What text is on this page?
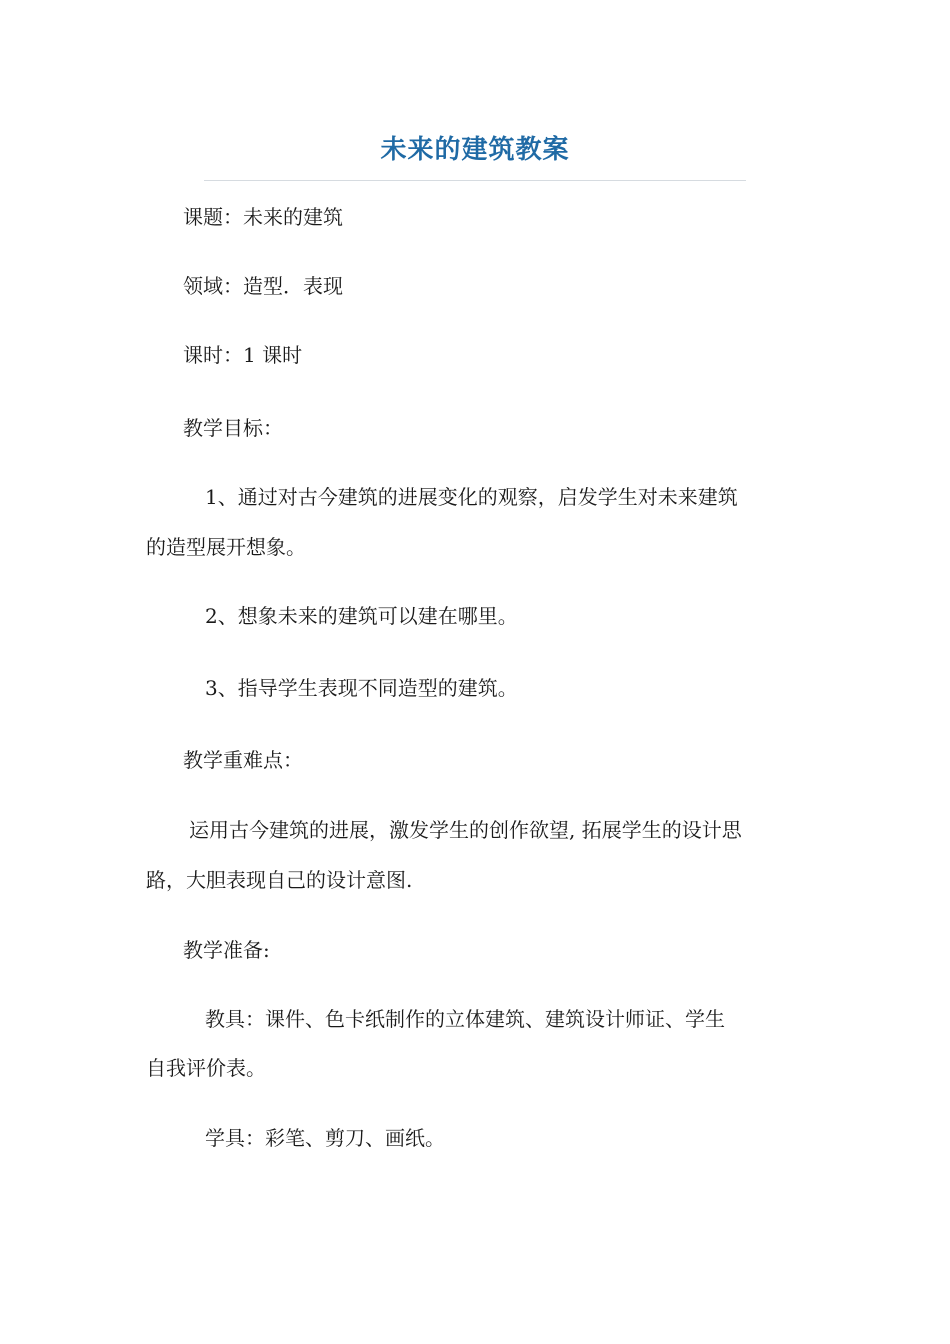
未来的建筑教案
课题：未来的建筑
领域：造型．表现
课时：1 课时
教学目标：
1、通过对古今建筑的进展变化的观察，启发学生对未来建筑
的造型展开想象。
2、想象未来的建筑可以建在哪里。
3、指导学生表现不同造型的建筑。
教学重难点：
运用古今建筑的进展，激发学生的创作欲望, 拓展学生的设计思
路，大胆表现自己的设计意图.
教学准备:
教具：课件、色卡纸制作的立体建筑、建筑设计师证、学生
自我评价表。
学具：彩笔、剪刀、画纸。
